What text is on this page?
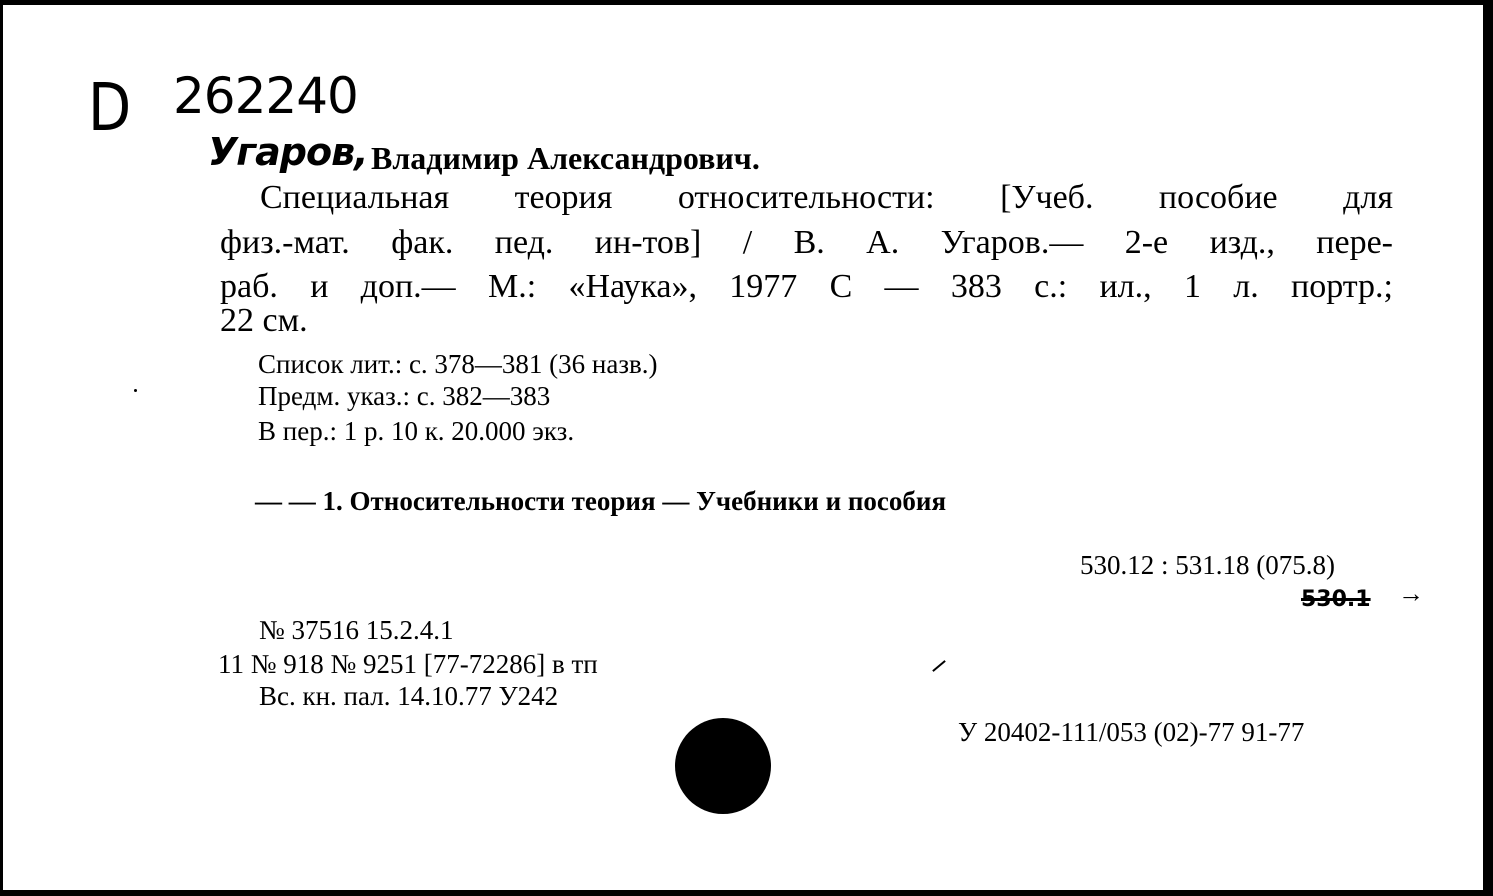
D 262240
Угаров, Владимир Александрович.
Специальная теория относительности: [Учеб. пособие для
физ.-мат. фак. пед. ин-тов] / В. А. Угаров.— 2-е изд., пере-
раб. и доп.— М.: «Наука», 1977 С — 383 с.: ил., 1 л. портр.;
22 см.
Список лит.: с. 378—381 (36 назв.)
Предм. указ.: с. 382—383
В пер.: 1 р. 10 к. 20.000 экз.
— — 1. Относительности теория — Учебники и пособия
530.12 : 531.18 (075.8)
530.1 →
№ 37516 15.2.4.1
11 № 918 № 9251 [77-72286] в тп
Вс. кн. пал. 14.10.77 У242
У 20402-111/053 (02)-77 91-77
